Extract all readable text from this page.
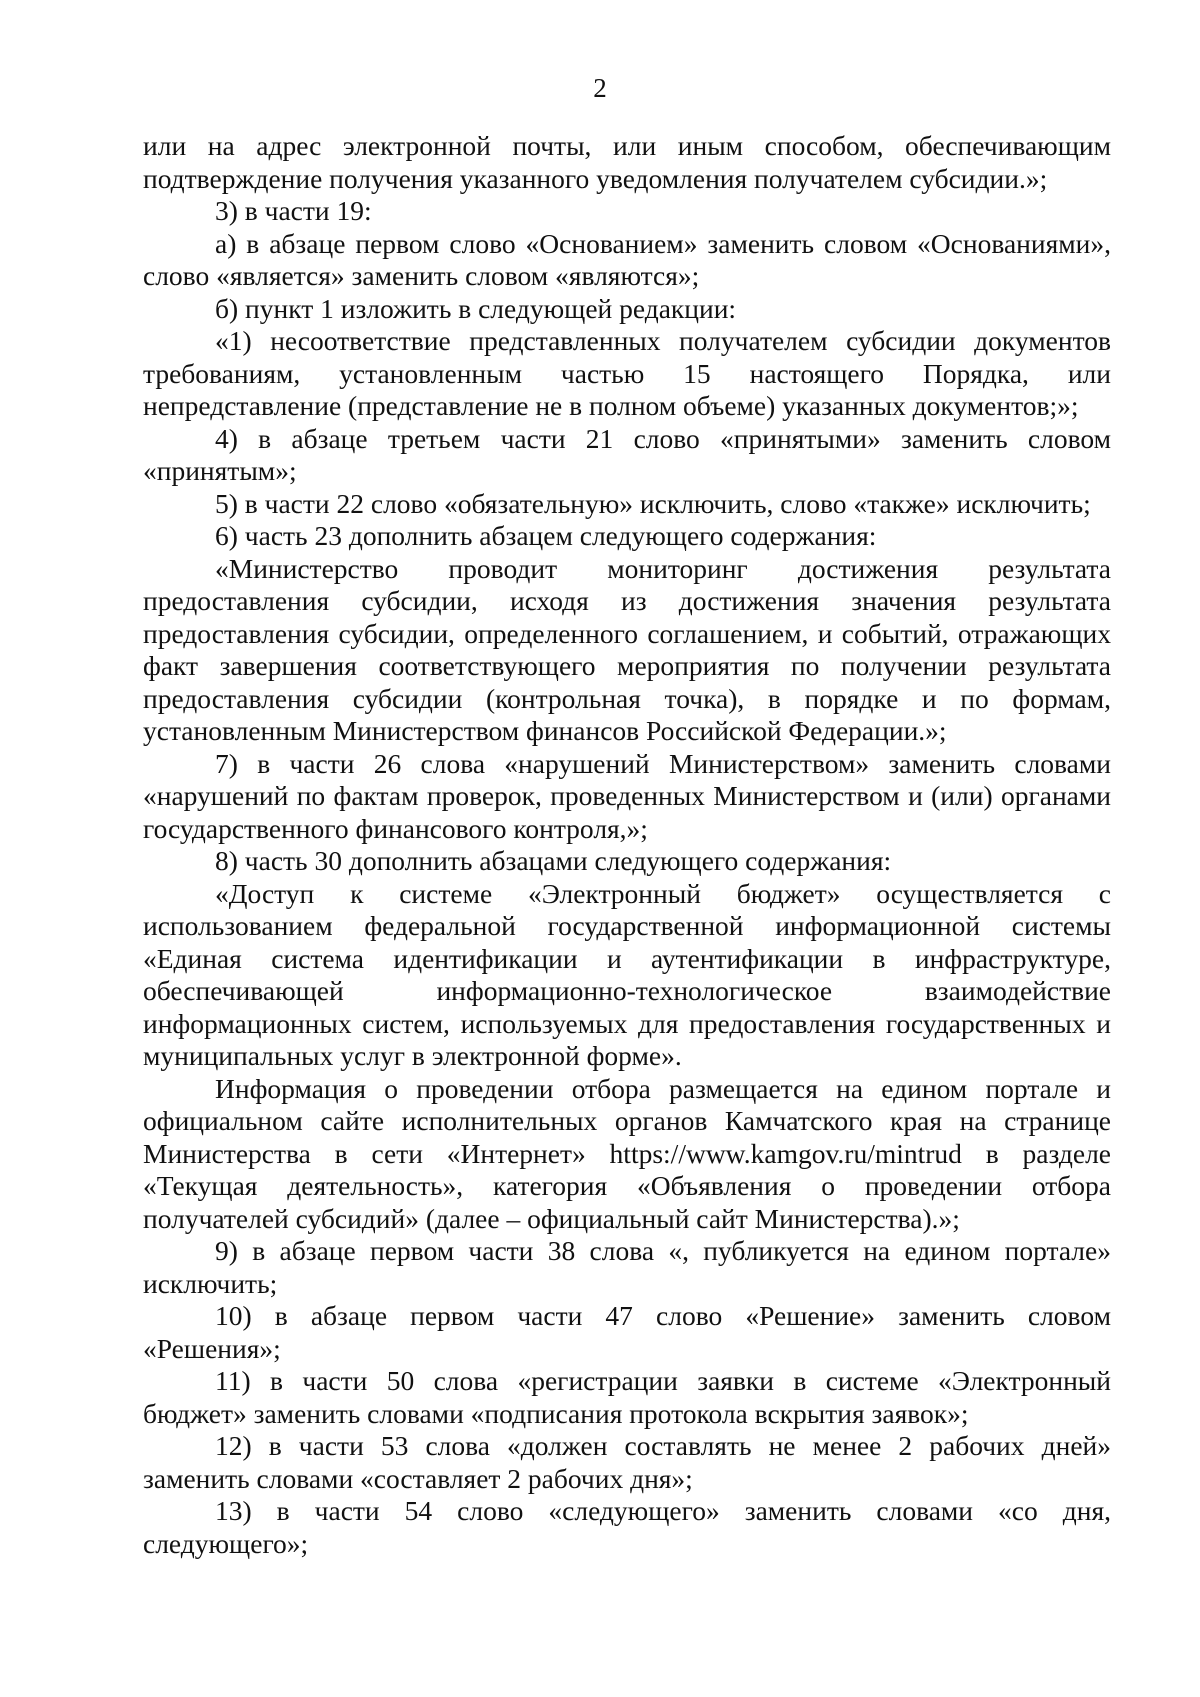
2

или на адрес электронной почты, или иным способом, обеспечивающим
подтверждение получения указанного уведомления получателем субсидии.»;

3) в части 19:

а) в абзаце первом слово «Основанием» заменить словом «Основаниями»,
слово «является» заменить словом «являются»;

б) пункт 1 изложить в следующей редакции:

«1) несоответствие представленных получателем субсидии документов
требованиям, установленным частью 15 настоящего Порядка, или
непредставление (представление не в полном объеме) указанных документов;»;

4) в абзаце третьем части 21 слово «принятыми» заменить словом
«принятым»;

5) в части 22 слово «обязательную» исключить, слово «также» исключить;

6) часть 23 дополнить абзацем следующего содержания:

«Министерство проводит мониторинг достижения результата
предоставления субсидии, исходя из достижения значения результата
предоставления субсидии, определенного соглашением, и событий, отражающих
факт завершения соответствующего мероприятия по получении результата
предоставления субсидии (контрольная точка), в порядке и по формам,
установленным Министерством финансов Российской Федерации.»;

7) в части 26 слова «нарушений Министерством» заменить словами
«нарушений по фактам проверок, проведенных Министерством и (или) органами
государственного финансового контроля,»;

8) часть 30 дополнить абзацами следующего содержания:

«Доступ к системе «Электронный бюджет» осуществляется с
использованием федеральной государственной информационной системы
«Единая система идентификации и аутентификации в инфраструктуре,
обеспечивающей информационно-технологическое взаимодействие
информационных систем, используемых для предоставления государственных и
муниципальных услуг в электронной форме».

Информация о проведении отбора размещается на едином портале и
официальном сайте исполнительных органов Камчатского края на странице
Министерства в сети «Интернет» https://www.kamgov.ru/mintrud в разделе
«Текущая деятельность», категория «Объявления о проведении отбора
получателей субсидий» (далее – официальный сайт Министерства).»;

9) в абзаце первом части 38 слова «, публикуется на едином портале»
исключить;

10) в абзаце первом части 47 слово «Решение» заменить словом
«Решения»;

11) в части 50 слова «регистрации заявки в системе «Электронный
бюджет» заменить словами «подписания протокола вскрытия заявок»;

12) в части 53 слова «должен составлять не менее 2 рабочих дней»
заменить словами «составляет 2 рабочих дня»;

13) в части 54 слово «следующего» заменить словами «со дня,
следующего»;
